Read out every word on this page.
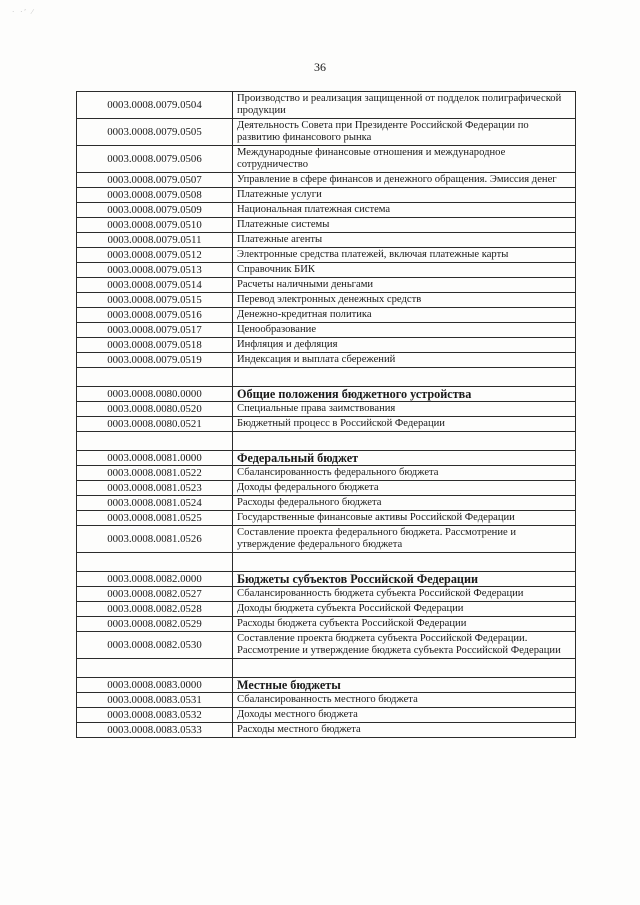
· ·′ ⁄
36
0003.0008.0079.0504	Производство и реализация защищенной от подделок полиграфической продукции
0003.0008.0079.0505	Деятельность Совета при Президенте Российской Федерации по развитию финансового рынка
0003.0008.0079.0506	Международные финансовые отношения и международное сотрудничество
0003.0008.0079.0507	Управление в сфере финансов и денежного обращения. Эмиссия денег
0003.0008.0079.0508	Платежные услуги
0003.0008.0079.0509	Национальная платежная система
0003.0008.0079.0510	Платежные системы
0003.0008.0079.0511	Платежные агенты
0003.0008.0079.0512	Электронные средства платежей, включая платежные карты
0003.0008.0079.0513	Справочник БИК
0003.0008.0079.0514	Расчеты наличными деньгами
0003.0008.0079.0515	Перевод электронных денежных средств
0003.0008.0079.0516	Денежно-кредитная политика
0003.0008.0079.0517	Ценообразование
0003.0008.0079.0518	Инфляция и дефляция
0003.0008.0079.0519	Индексация и выплата сбережений

0003.0008.0080.0000	Общие положения бюджетного устройства
0003.0008.0080.0520	Специальные права заимствования
0003.0008.0080.0521	Бюджетный процесс в Российской Федерации

0003.0008.0081.0000	Федеральный бюджет
0003.0008.0081.0522	Сбалансированность федерального бюджета
0003.0008.0081.0523	Доходы федерального бюджета
0003.0008.0081.0524	Расходы федерального бюджета
0003.0008.0081.0525	Государственные финансовые активы Российской Федерации
0003.0008.0081.0526	Составление проекта федерального бюджета. Рассмотрение и утверждение федерального бюджета

0003.0008.0082.0000	Бюджеты субъектов Российской Федерации
0003.0008.0082.0527	Сбалансированность бюджета субъекта Российской Федерации
0003.0008.0082.0528	Доходы бюджета субъекта Российской Федерации
0003.0008.0082.0529	Расходы бюджета субъекта Российской Федерации
0003.0008.0082.0530	Составление проекта бюджета субъекта Российской Федерации. Рассмотрение и утверждение бюджета субъекта Российской Федерации

0003.0008.0083.0000	Местные бюджеты
0003.0008.0083.0531	Сбалансированность местного бюджета
0003.0008.0083.0532	Доходы местного бюджета
0003.0008.0083.0533	Расходы местного бюджета
